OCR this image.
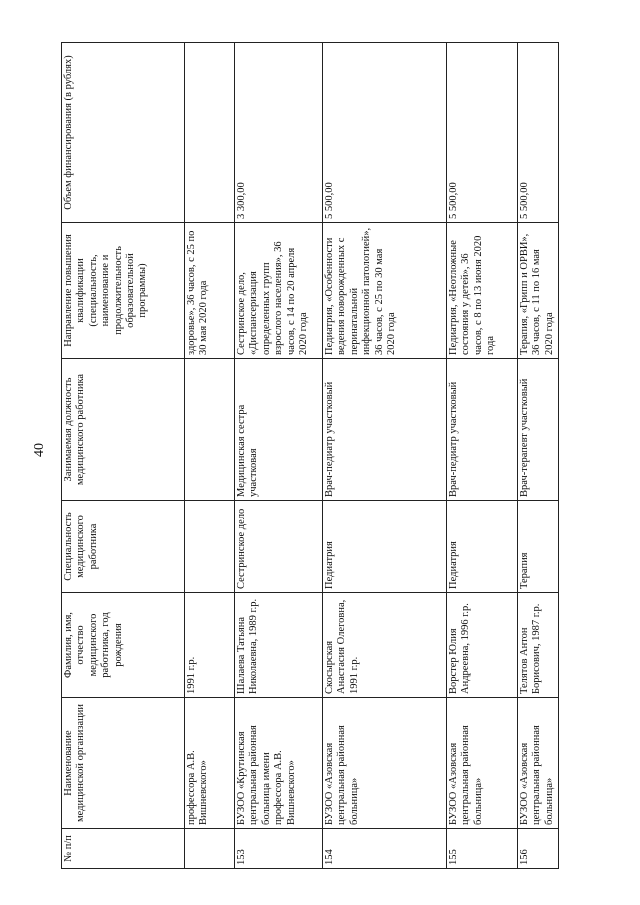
40
№ п/п	Наименование медицинской организации	Фамилия, имя, отчество медицинского работника, год рождения	Специальность медицинского работника	Занимаемая должность медицинского работника	Направление повышения квалификации (специальность, наименование и продолжительность образовательной программы)	Объем финансирования (в рублях)
	профессора А.В. Вишневского»	1991 г.р.			здоровье», 36 часов, с 25 по 30 мая 2020 года	
153	БУЗОО «Крутинская центральная районная больница имени профессора А.В. Вишневского»	Шалаева Татьяна Николаевна, 1989 г.р.	Сестринское дело	Медицинская сестра участковая	Сестринское дело, «Диспансеризация определенных групп взрослого населения», 36 часов, с 14 по 20 апреля 2020 года	3 300,00
154	БУЗОО «Азовская центральная районная больница»	Скосырская Анастасия Олеговна, 1991 г.р.	Педиатрия	Врач-педиатр участковый	Педиатрия, «Особенности ведения новорожденных с перинатальной инфекционной патологией», 36 часов, с 25 по 30 мая 2020 года	5 500,00
155	БУЗОО «Азовская центральная районная больница»	Ворстер Юлия Андреевна, 1996 г.р.	Педиатрия	Врач-педиатр участковый	Педиатрия, «Неотложные состояния у детей», 36 часов, с 8 по 13 июня 2020 года	5 500,00
156	БУЗОО «Азовская центральная районная больница»	Телятов Антон Борисович, 1987 г.р.	Терапия	Врач-терапевт участковый	Терапия, «Грипп и ОРВИ», 36 часов, с 11 по 16 мая 2020 года	5 500,00
